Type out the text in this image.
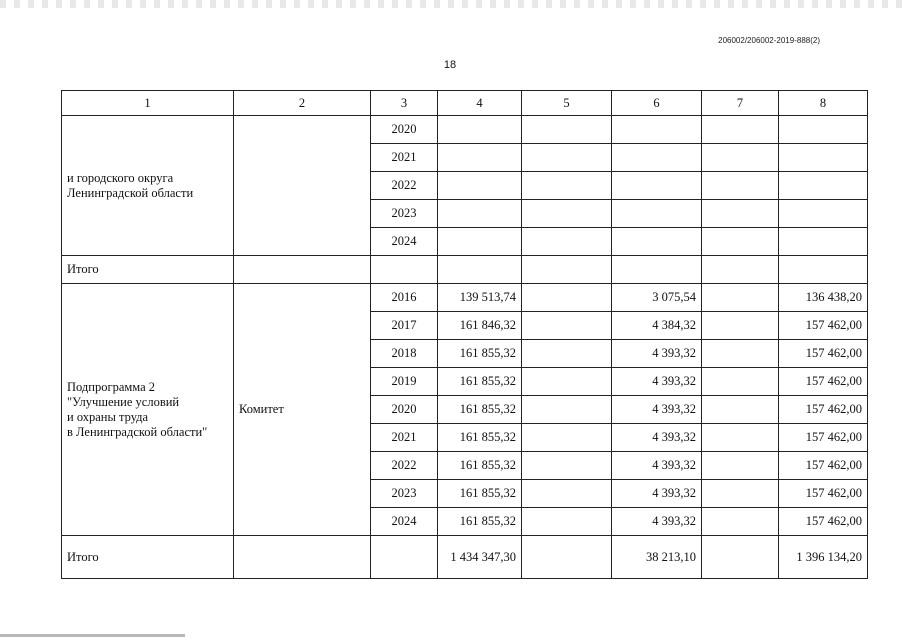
206002/206002-2019-888(2)
18
1	2	3	4	5	6	7	8
и городского округа
Ленинградской области		2020					
		2021					
		2022					
		2023					
		2024					
Итого							
Подпрограмма 2
"Улучшение условий
и охраны труда
в Ленинградской области"	Комитет	2016	139 513,74		3 075,54		136 438,20
		2017	161 846,32		4 384,32		157 462,00
		2018	161 855,32		4 393,32		157 462,00
		2019	161 855,32		4 393,32		157 462,00
		2020	161 855,32		4 393,32		157 462,00
		2021	161 855,32		4 393,32		157 462,00
		2022	161 855,32		4 393,32		157 462,00
		2023	161 855,32		4 393,32		157 462,00
		2024	161 855,32		4 393,32		157 462,00
Итого			1 434 347,30		38 213,10		1 396 134,20
